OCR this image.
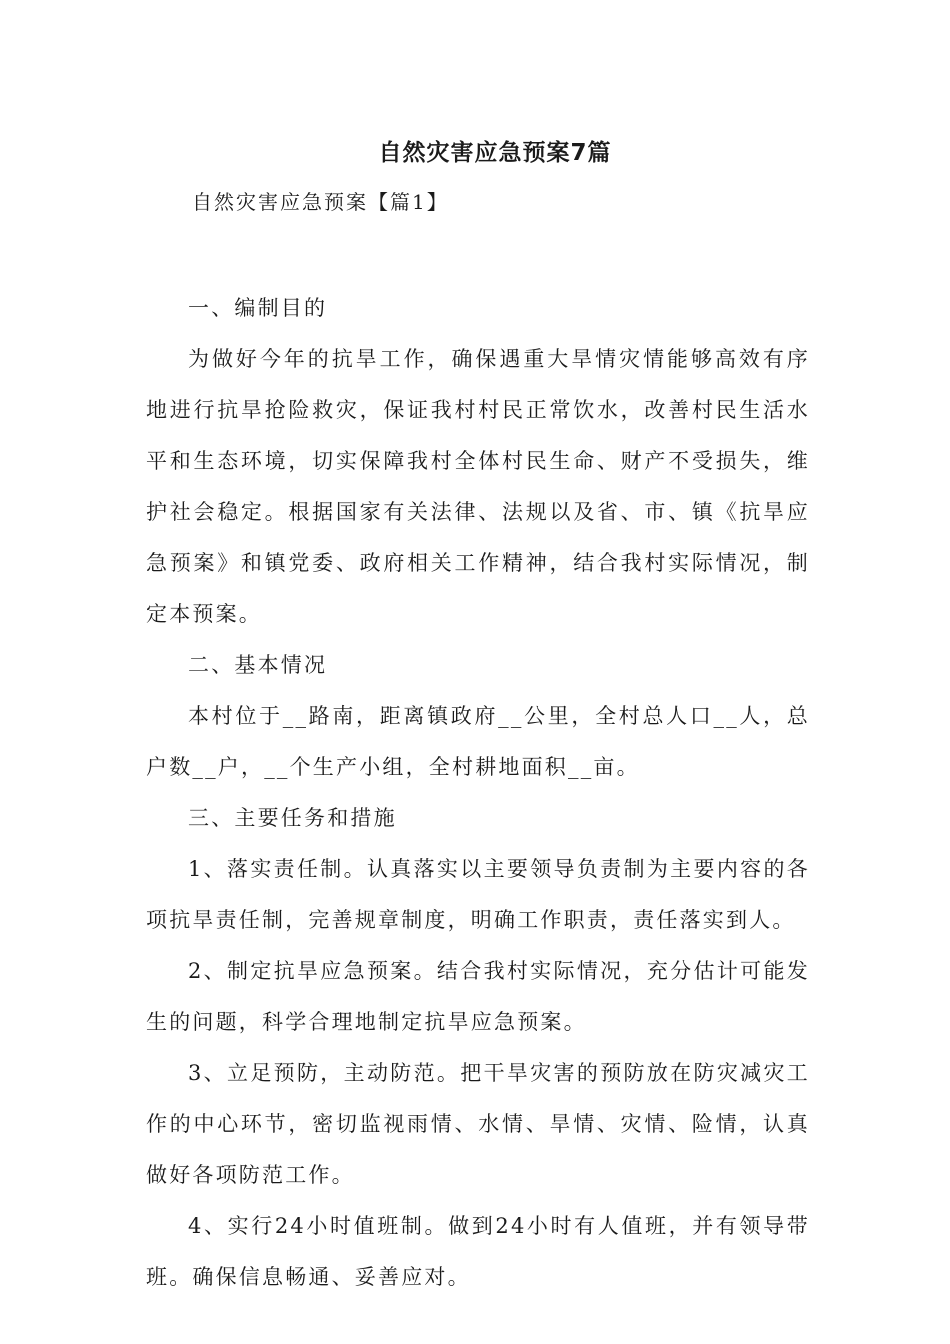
自然灾害应急预案7篇
自然灾害应急预案【篇1】

一、编制目的

为做好今年的抗旱工作，确保遇重大旱情灾情能够高效有序地进行抗旱抢险救灾，保证我村村民正常饮水，改善村民生活水平和生态环境，切实保障我村全体村民生命、财产不受损失，维护社会稳定。根据国家有关法律、法规以及省、市、镇《抗旱应急预案》和镇党委、政府相关工作精神，结合我村实际情况，制定本预案。

二、基本情况

本村位于__路南，距离镇政府__公里，全村总人口__人，总户数__户，__个生产小组，全村耕地面积__亩。

三、主要任务和措施

1、落实责任制。认真落实以主要领导负责制为主要内容的各项抗旱责任制，完善规章制度，明确工作职责，责任落实到人。

2、制定抗旱应急预案。结合我村实际情况，充分估计可能发生的问题，科学合理地制定抗旱应急预案。

3、立足预防，主动防范。把干旱灾害的预防放在防灾减灾工作的中心环节，密切监视雨情、水情、旱情、灾情、险情，认真做好各项防范工作。

4、实行24小时值班制。做到24小时有人值班，并有领导带班。确保信息畅通、妥善应对。
